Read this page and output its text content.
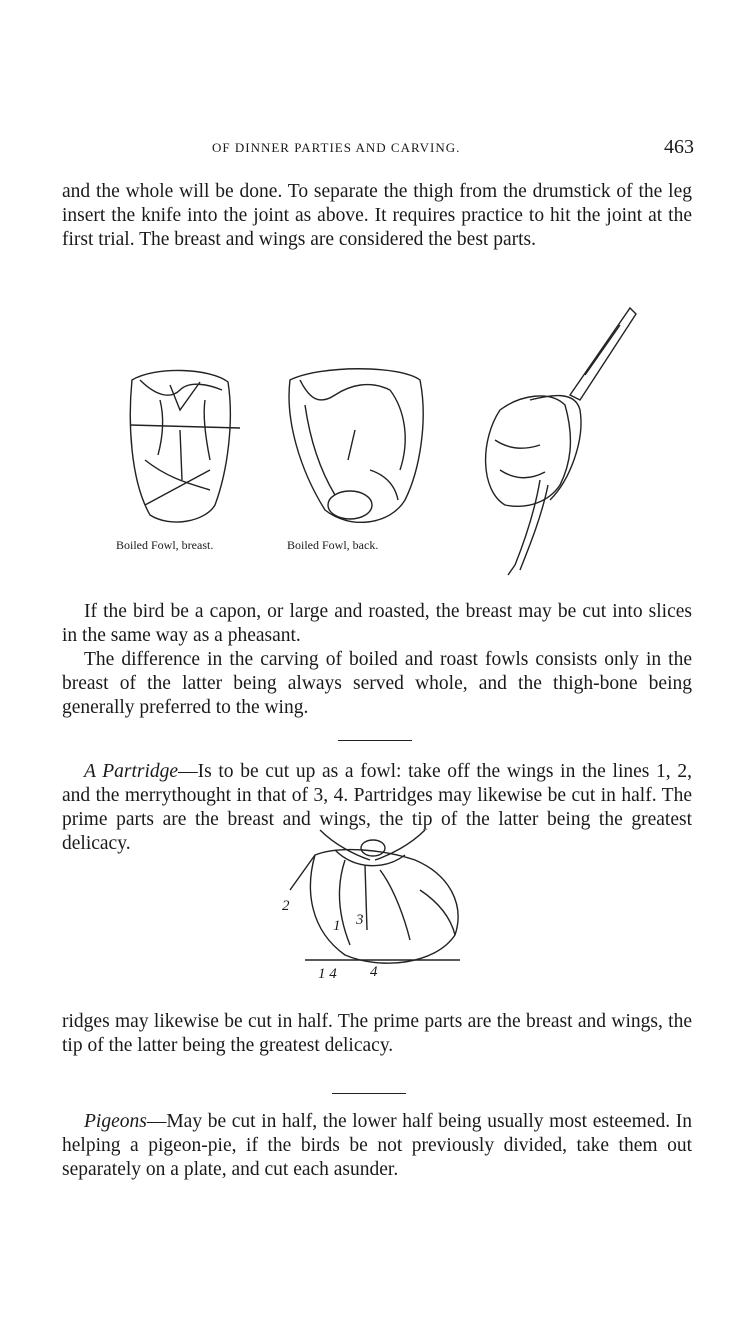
OF DINNER PARTIES AND CARVING.	463

and the whole will be done. To separate the thigh from the drumstick of the leg insert the knife into the joint as above. It requires practice to hit the joint at the first trial. The breast and wings are considered the best parts.

Boiled Fowl, breast.	Boiled Fowl, back.

If the bird be a capon, or large and roasted, the breast may be cut into slices in the same way as a pheasant.

The difference in the carving of boiled and roast fowls consists only in the breast of the latter being always served whole, and the thigh-bone being generally preferred to the wing.

A Partridge—Is to be cut up as a fowl: take off the wings in the lines 1, 2, and the merrythought in that of 3, 4. Partridges may likewise be cut in half. The prime parts are the breast and wings, the tip of the latter being the greatest delicacy.

2
1 3
1 4 4

ridges may likewise be cut in half. The prime parts are the breast and wings, the tip of the latter being the greatest delicacy.

Pigeons—May be cut in half, the lower half being usually most esteemed. In helping a pigeon-pie, if the birds be not previously divided, take them out separately on a plate, and cut each asunder.
